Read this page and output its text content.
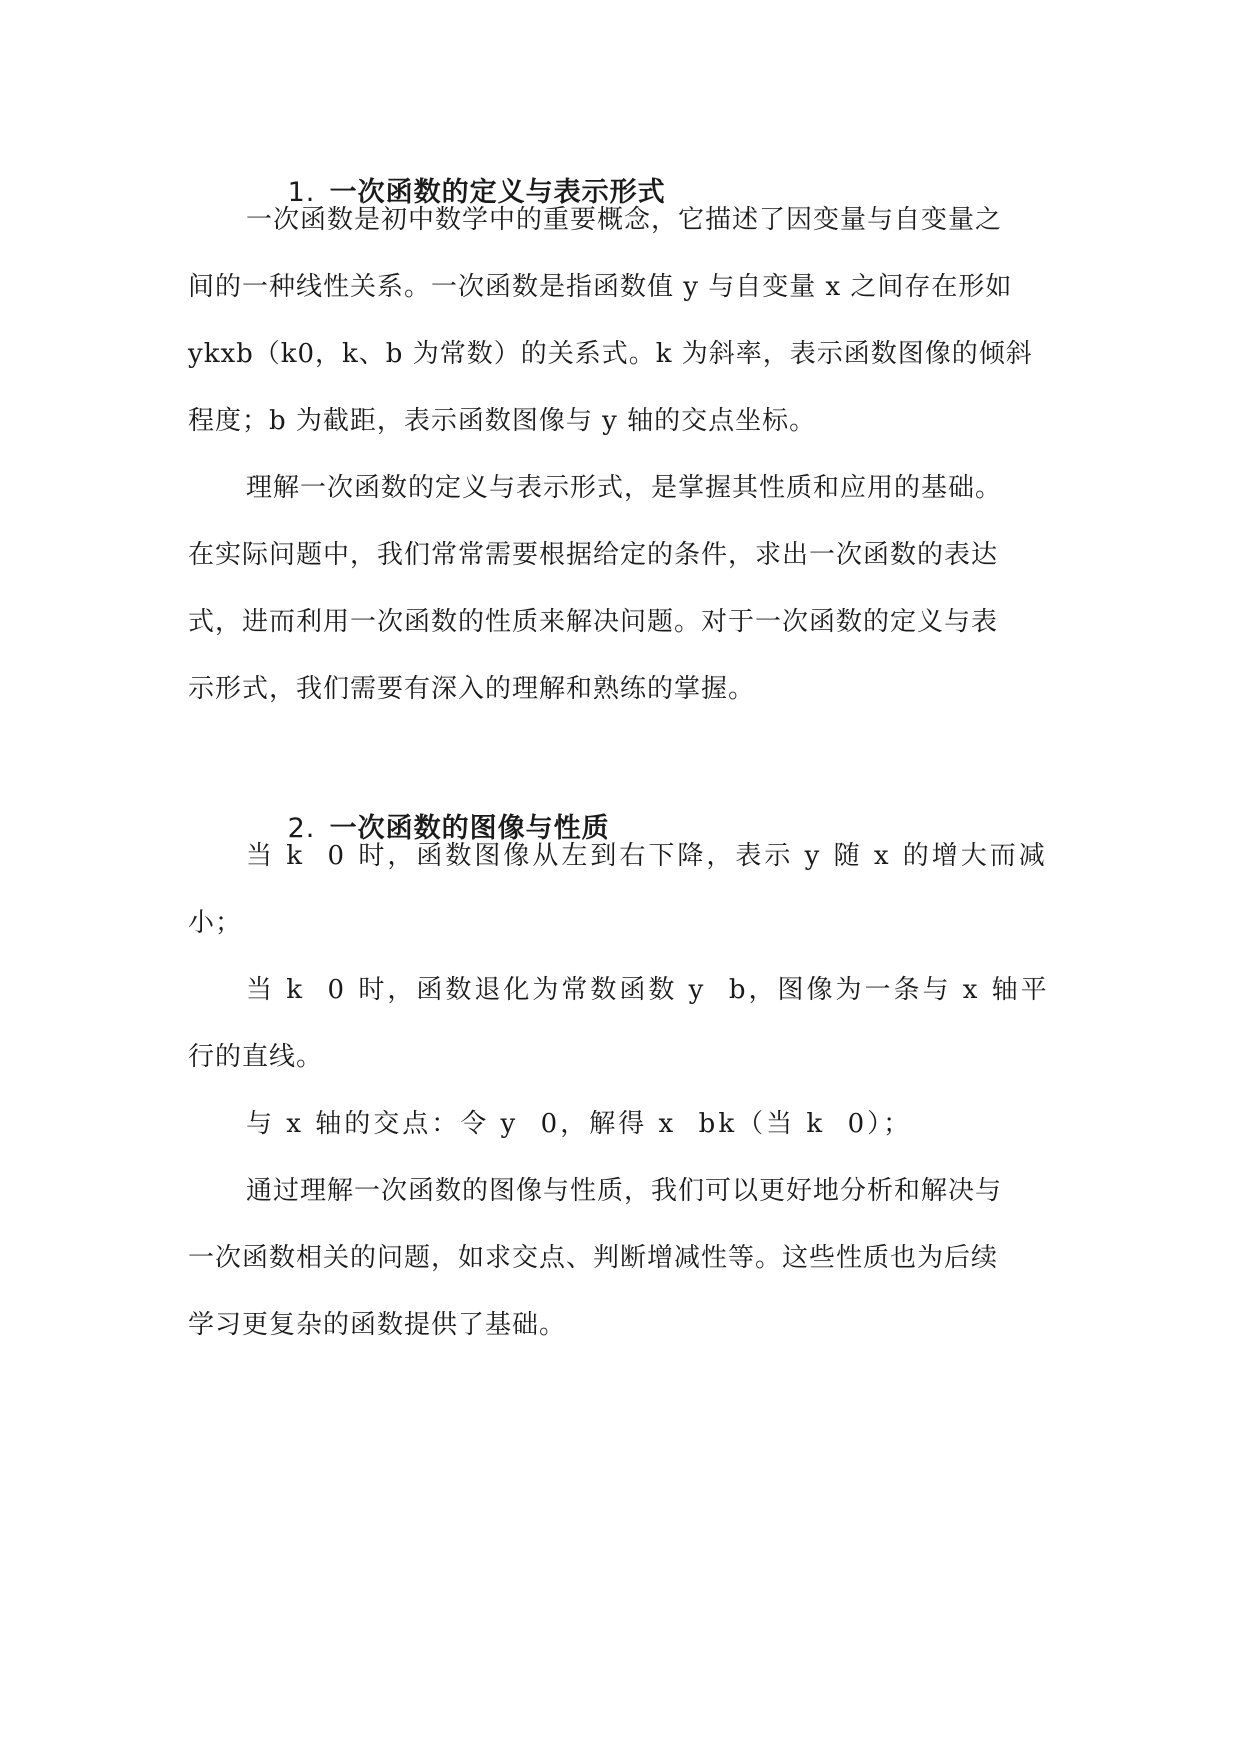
1. 一次函数的定义与表示形式

一次函数是初中数学中的重要概念，它描述了因变量与自变量之
间的一种线性关系。一次函数是指函数值 y 与自变量 x 之间存在形如
ykxb（k0，k、b 为常数）的关系式。k 为斜率，表示函数图像的倾斜
程度；b 为截距，表示函数图像与 y 轴的交点坐标。
理解一次函数的定义与表示形式，是掌握其性质和应用的基础。
在实际问题中，我们常常需要根据给定的条件，求出一次函数的表达
式，进而利用一次函数的性质来解决问题。对于一次函数的定义与表
示形式，我们需要有深入的理解和熟练的掌握。

2. 一次函数的图像与性质

当 k  0 时，函数图像从左到右下降，表示 y 随 x 的增大而减
小；
当 k  0 时，函数退化为常数函数 y  b，图像为一条与 x 轴平
行的直线。
与 x 轴的交点：令 y  0，解得 x  bk（当 k  0）；
通过理解一次函数的图像与性质，我们可以更好地分析和解决与
一次函数相关的问题，如求交点、判断增减性等。这些性质也为后续
学习更复杂的函数提供了基础。
